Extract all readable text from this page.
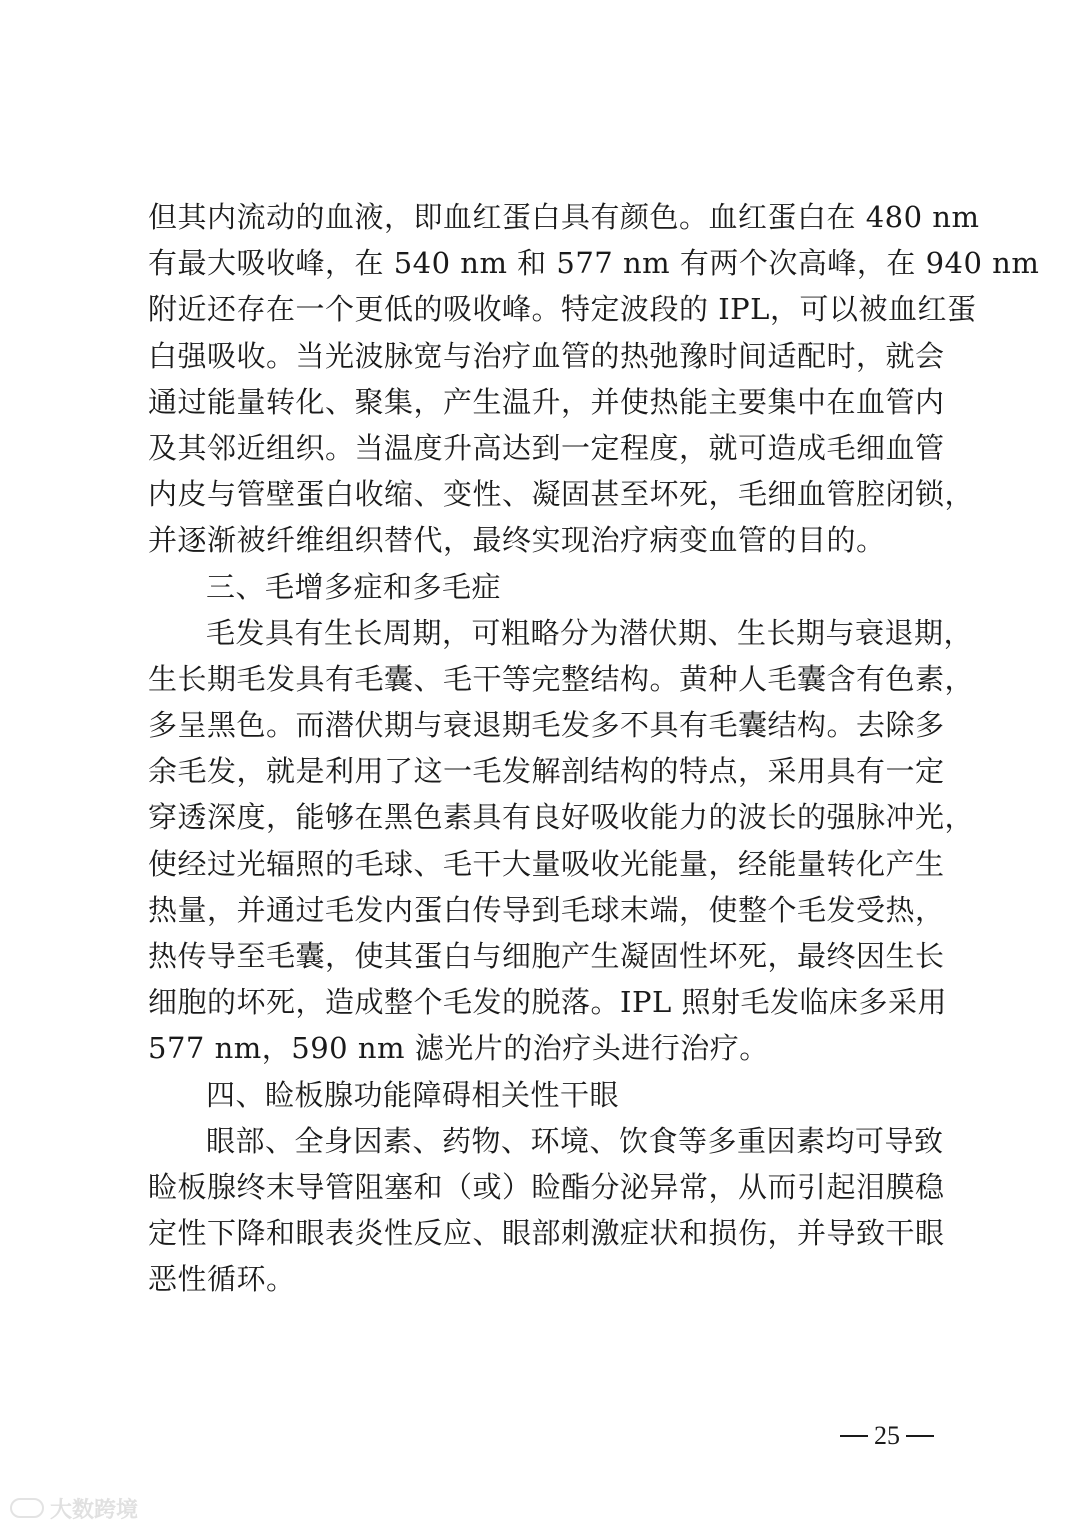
但其内流动的血液，即血红蛋白具有颜色。血红蛋白在 480 nm
有最大吸收峰，在 540 nm 和 577 nm 有两个次高峰，在 940 nm
附近还存在一个更低的吸收峰。特定波段的 IPL，可以被血红蛋
白强吸收。当光波脉宽与治疗血管的热弛豫时间适配时，就会
通过能量转化、聚集，产生温升，并使热能主要集中在血管内
及其邻近组织。当温度升高达到一定程度，就可造成毛细血管
内皮与管壁蛋白收缩、变性、凝固甚至坏死，毛细血管腔闭锁，
并逐渐被纤维组织替代，最终实现治疗病变血管的目的。
三、毛增多症和多毛症
毛发具有生长周期，可粗略分为潜伏期、生长期与衰退期，
生长期毛发具有毛囊、毛干等完整结构。黄种人毛囊含有色素，
多呈黑色。而潜伏期与衰退期毛发多不具有毛囊结构。去除多
余毛发，就是利用了这一毛发解剖结构的特点，采用具有一定
穿透深度，能够在黑色素具有良好吸收能力的波长的强脉冲光，
使经过光辐照的毛球、毛干大量吸收光能量，经能量转化产生
热量，并通过毛发内蛋白传导到毛球末端，使整个毛发受热，
热传导至毛囊，使其蛋白与细胞产生凝固性坏死，最终因生长
细胞的坏死，造成整个毛发的脱落。IPL 照射毛发临床多采用
577 nm，590 nm 滤光片的治疗头进行治疗。
四、睑板腺功能障碍相关性干眼
眼部、全身因素、药物、环境、饮食等多重因素均可导致
睑板腺终末导管阻塞和（或）睑酯分泌异常，从而引起泪膜稳
定性下降和眼表炎性反应、眼部刺激症状和损伤，并导致干眼
恶性循环。
25
大数跨境
